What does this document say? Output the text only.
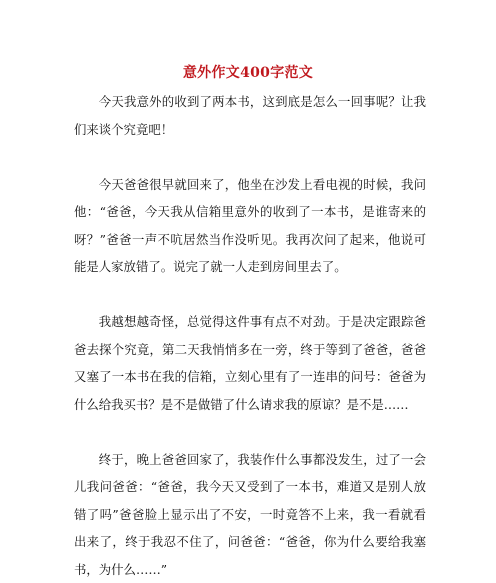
意外作文400字范文

今天我意外的收到了两本书，这到底是怎么一回事呢？让我们来谈个究竟吧！

今天爸爸很早就回来了，他坐在沙发上看电视的时候，我问他：“爸爸，今天我从信箱里意外的收到了一本书，是谁寄来的呀？”爸爸一声不吭居然当作没听见。我再次问了起来，他说可能是人家放错了。说完了就一人走到房间里去了。

我越想越奇怪，总觉得这件事有点不对劲。于是决定跟踪爸爸去探个究竟，第二天我悄悄多在一旁，终于等到了爸爸，爸爸又塞了一本书在我的信箱，立刻心里有了一连串的问号：爸爸为什么给我买书？是不是做错了什么请求我的原谅？是不是……

终于，晚上爸爸回家了，我装作什么事都没发生，过了一会儿我问爸爸：“爸爸，我今天又受到了一本书，难道又是别人放错了吗”爸爸脸上显示出了不安，一时竟答不上来，我一看就看出来了，终于我忍不住了，问爸爸：“爸爸，你为什么要给我塞书，为什么……”
